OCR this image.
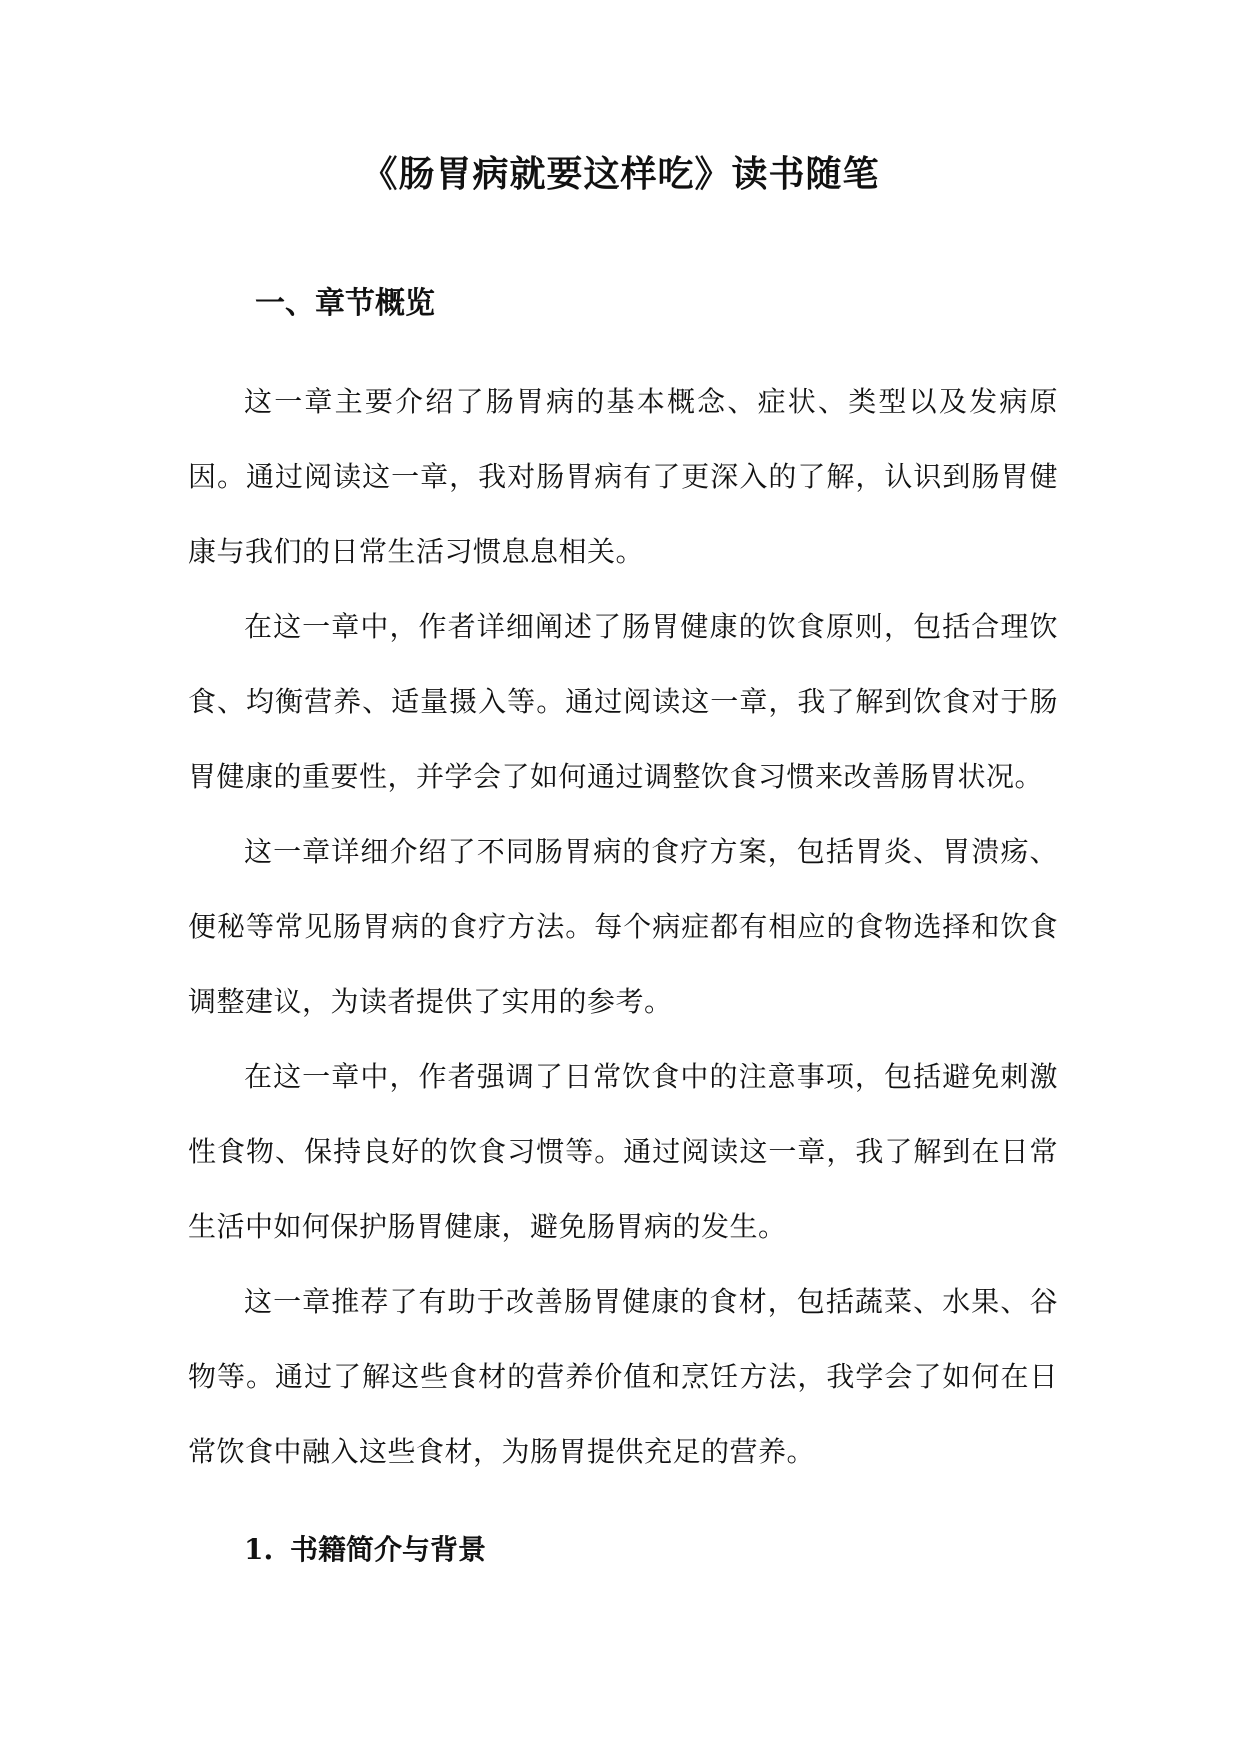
《肠胃病就要这样吃》读书随笔
一、章节概览

这一章主要介绍了肠胃病的基本概念、症状、类型以及发病原因。通过阅读这一章，我对肠胃病有了更深入的了解，认识到肠胃健康与我们的日常生活习惯息息相关。

在这一章中，作者详细阐述了肠胃健康的饮食原则，包括合理饮食、均衡营养、适量摄入等。通过阅读这一章，我了解到饮食对于肠胃健康的重要性，并学会了如何通过调整饮食习惯来改善肠胃状况。

这一章详细介绍了不同肠胃病的食疗方案，包括胃炎、胃溃疡、便秘等常见肠胃病的食疗方法。每个病症都有相应的食物选择和饮食调整建议，为读者提供了实用的参考。

在这一章中，作者强调了日常饮食中的注意事项，包括避免刺激性食物、保持良好的饮食习惯等。通过阅读这一章，我了解到在日常生活中如何保护肠胃健康，避免肠胃病的发生。

这一章推荐了有助于改善肠胃健康的食材，包括蔬菜、水果、谷物等。通过了解这些食材的营养价值和烹饪方法，我学会了如何在日常饮食中融入这些食材，为肠胃提供充足的营养。

1. 书籍简介与背景
